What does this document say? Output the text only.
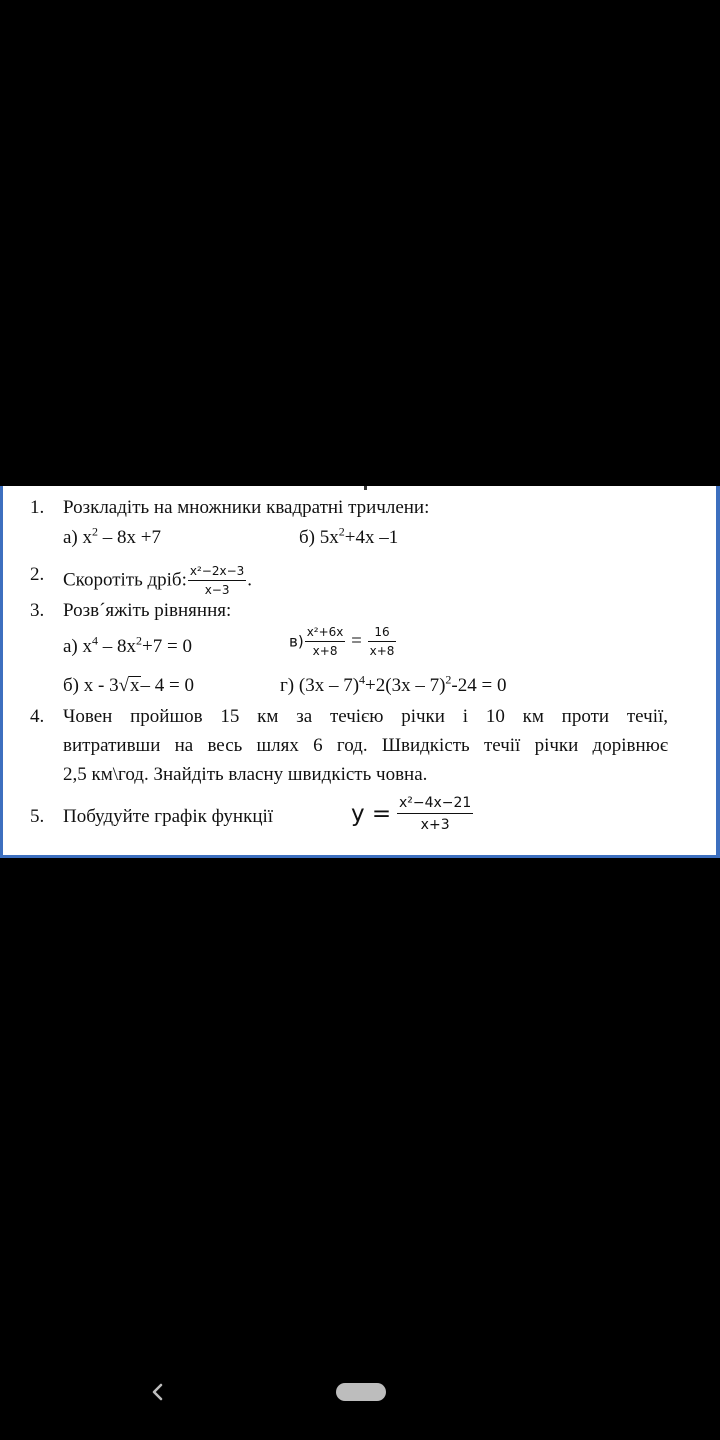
1. Розкладіть на множники квадратні тричлени:
а) $x^2 - 8x +7$	б) $5x^2+4x$ –1
2. Скоротіть дріб: $\frac{\text{x²−2x−3}}{x-3}$ .
3. Розв´яжіть рівняння:
а) $x^4 - 8x^2+7 = 0$	$в) \frac{\text{x²+6x}}{x+8} = \frac{16}{x+8}$
б) x - 3√x– 4 = 0	г) (3x – 7)$^4$+2(3x – 7)$^2$-24 = 0
4. Човен пройшов 15 км за течією річки і 10 км проти течії,
витративши на весь шлях 6 год. Швидкість течії річки дорівнює
2,5 км\год. Знайдіть власну швидкість човна.
5. Побудуйте графік функції	$y = \frac{\text{x²−4x−21}}{x+3}$
